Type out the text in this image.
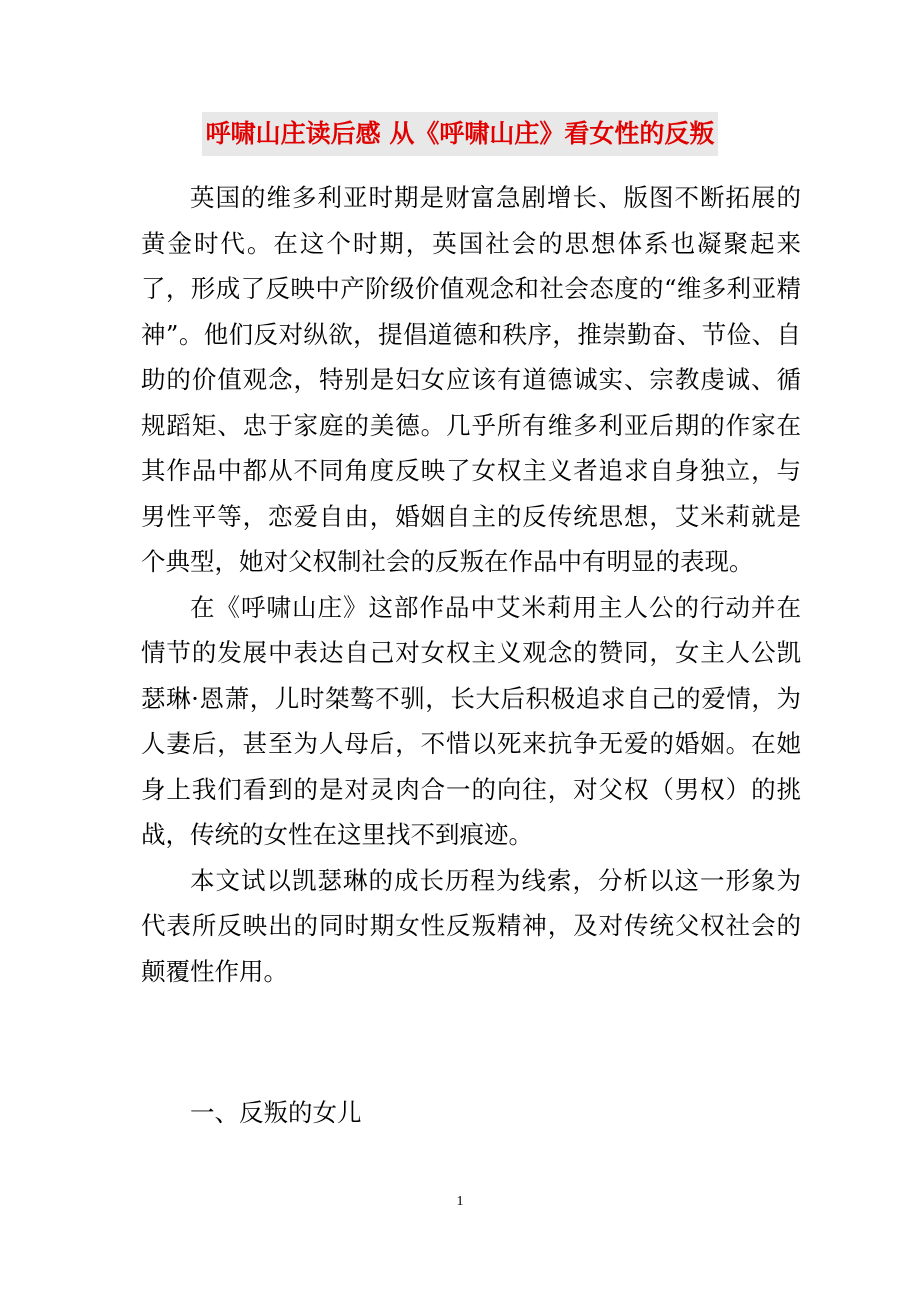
呼啸山庄读后感 从《呼啸山庄》看女性的反叛

英国的维多利亚时期是财富急剧增长、版图不断拓展的黄金时代。在这个时期，英国社会的思想体系也凝聚起来了，形成了反映中产阶级价值观念和社会态度的“维多利亚精神”。他们反对纵欲，提倡道德和秩序，推崇勤奋、节俭、自助的价值观念，特别是妇女应该有道德诚实、宗教虔诚、循规蹈矩、忠于家庭的美德。几乎所有维多利亚后期的作家在其作品中都从不同角度反映了女权主义者追求自身独立，与男性平等，恋爱自由，婚姻自主的反传统思想，艾米莉就是个典型，她对父权制社会的反叛在作品中有明显的表现。

在《呼啸山庄》这部作品中艾米莉用主人公的行动并在情节的发展中表达自己对女权主义观念的赞同，女主人公凯瑟琳·恩萧，儿时桀骜不驯，长大后积极追求自己的爱情，为人妻后，甚至为人母后，不惜以死来抗争无爱的婚姻。在她身上我们看到的是对灵肉合一的向往，对父权（男权）的挑战，传统的女性在这里找不到痕迹。

本文试以凯瑟琳的成长历程为线索，分析以这一形象为代表所反映出的同时期女性反叛精神，及对传统父权社会的颠覆性作用。

一、反叛的女儿
1
